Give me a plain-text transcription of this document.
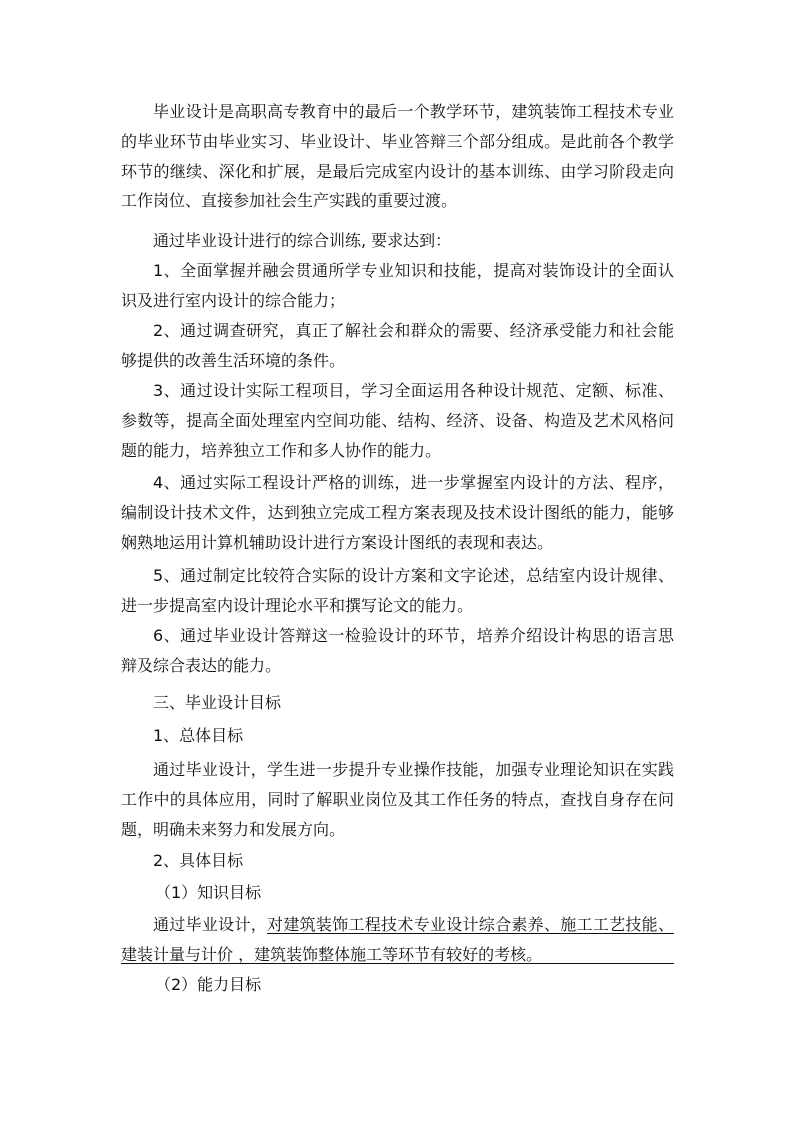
毕业设计是高职高专教育中的最后一个教学环节，建筑装饰工程技术专业的毕业环节由毕业实习、毕业设计、毕业答辩三个部分组成。是此前各个教学环节的继续、深化和扩展，是最后完成室内设计的基本训练、由学习阶段走向工作岗位、直接参加社会生产实践的重要过渡。

通过毕业设计进行的综合训练, 要求达到：

1、全面掌握并融会贯通所学专业知识和技能，提高对装饰设计的全面认识及进行室内设计的综合能力；

2、通过调查研究，真正了解社会和群众的需要、经济承受能力和社会能够提供的改善生活环境的条件。

3、通过设计实际工程项目，学习全面运用各种设计规范、定额、标准、参数等，提高全面处理室内空间功能、结构、经济、设备、构造及艺术风格问题的能力，培养独立工作和多人协作的能力。

4、通过实际工程设计严格的训练，进一步掌握室内设计的方法、程序，编制设计技术文件，达到独立完成工程方案表现及技术设计图纸的能力，能够娴熟地运用计算机辅助设计进行方案设计图纸的表现和表达。

5、通过制定比较符合实际的设计方案和文字论述，总结室内设计规律、进一步提高室内设计理论水平和撰写论文的能力。

6、通过毕业设计答辩这一检验设计的环节，培养介绍设计构思的语言思辩及综合表达的能力。

三、毕业设计目标

1、总体目标

通过毕业设计，学生进一步提升专业操作技能，加强专业理论知识在实践工作中的具体应用，同时了解职业岗位及其工作任务的特点，查找自身存在问题，明确未来努力和发展方向。

2、具体目标

（1）知识目标

通过毕业设计，对建筑装饰工程技术专业设计综合素养、施工工艺技能、建装计量与计价 ，建筑装饰整体施工等环节有较好的考核。

（2）能力目标
